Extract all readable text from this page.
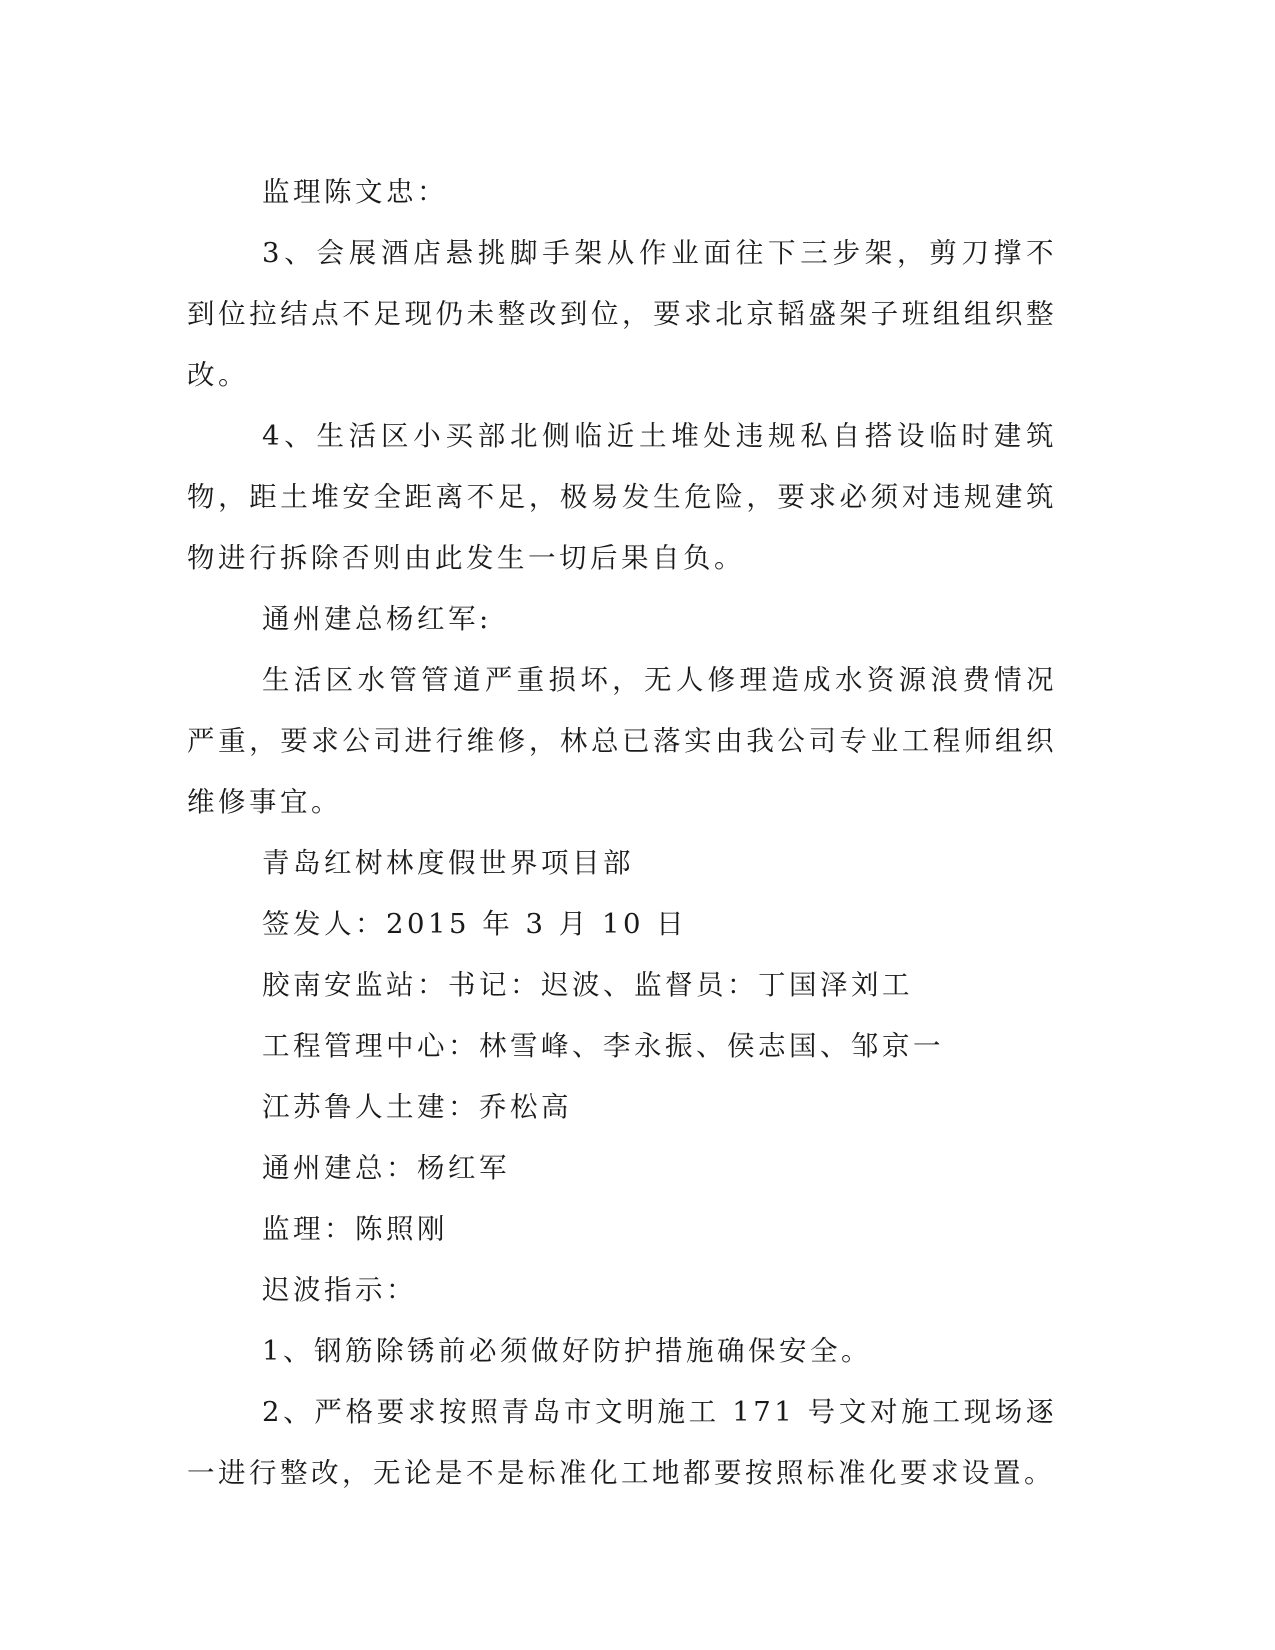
监理陈文忠：

3、会展酒店悬挑脚手架从作业面往下三步架，剪刀撑不到位拉结点不足现仍未整改到位，要求北京韬盛架子班组组织整改。

4、生活区小买部北侧临近土堆处违规私自搭设临时建筑物，距土堆安全距离不足，极易发生危险，要求必须对违规建筑物进行拆除否则由此发生一切后果自负。

通州建总杨红军:

生活区水管管道严重损坏，无人修理造成水资源浪费情况严重，要求公司进行维修，林总已落实由我公司专业工程师组织维修事宜。

青岛红树林度假世界项目部

签发人：2015 年 3 月 10 日

胶南安监站：书记：迟波、监督员：丁国泽刘工

工程管理中心：林雪峰、李永振、侯志国、邹京一

江苏鲁人土建：乔松高

通州建总：杨红军

监理：陈照刚

迟波指示：

1、钢筋除锈前必须做好防护措施确保安全。

2、严格要求按照青岛市文明施工 171 号文对施工现场逐一进行整改，无论是不是标准化工地都要按照标准化要求设置。
